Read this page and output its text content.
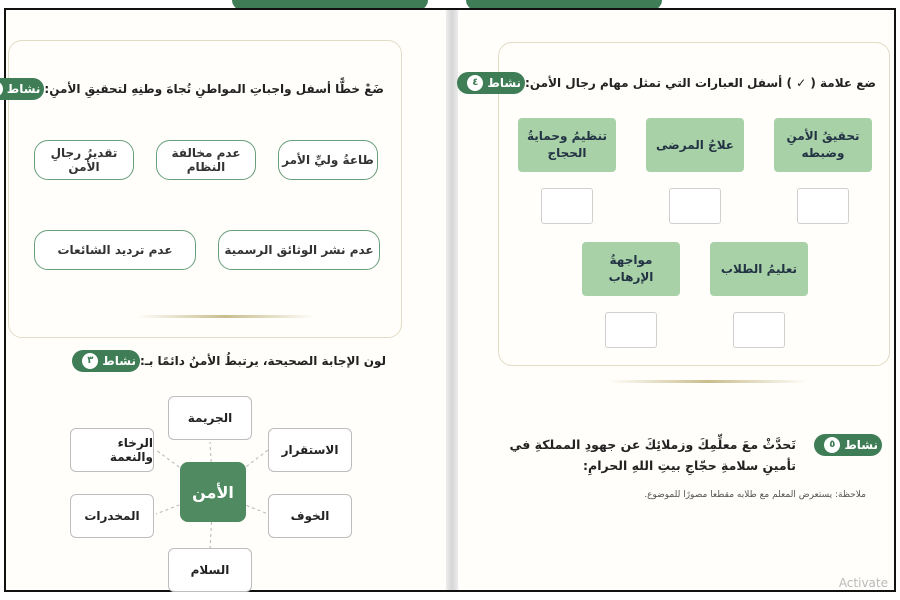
نشاط ضَعْ خطًّا أسفل واجباتِ المواطنِ تُجاهَ وطنِهِ لتحقيقِ الأمنِ:
طاعةُ وليِّ الأمر
عدم مخالفة النظام
تقديرُ رجالِ الأمن
عدم نشر الوثائق الرسمية
عدم ترديد الشائعات
نشاط
٣	لون الإجابة الصحيحة، يرتبطُ الأمنُ دائمًا بـ:
الأمن
الجريمة
الاستقرار
الخوف
السلام
المخدرات
الرخاء والنعمة
نشاط
٤	ضع علامة ( ✓ ) أسفل العبارات التي تمثل مهام رجال الأمن:
تحقيقُ الأمنِ وضبطه
علاجُ المرضى
تنظيمُ وحمايةُ الحجاج
تعليمُ الطلاب
مواجهةُ الإرهاب
نشاط
٥
تَحدَّثْ معَ معلِّمِكَ وزملائِكَ عن جهودِ المملكةِ في تأمينِ سلامةِ حجّاجِ بيتِ اللهِ الحرامِ:
ملاحظة: يستعرض المعلم مع طلابه مقطعا مصورًا للموضوع.
Activate
